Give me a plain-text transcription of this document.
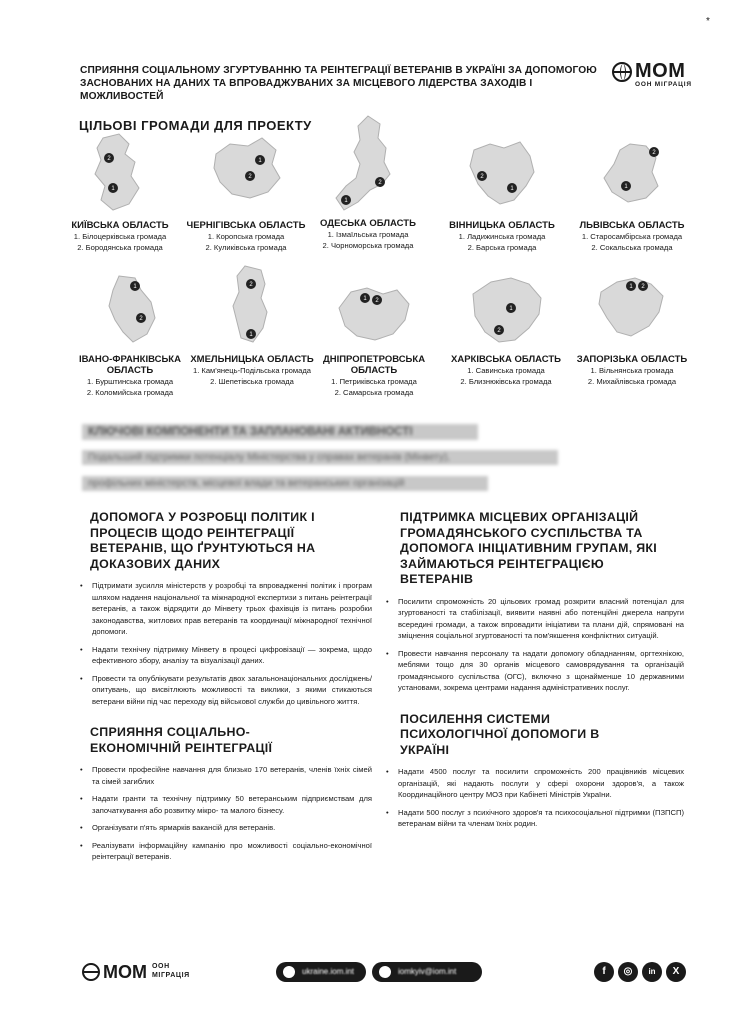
*
СПРИЯННЯ СОЦІАЛЬНОМУ ЗГУРТУВАННЮ ТА РЕІНТЕГРАЦІЇ ВЕТЕРАНІВ В УКРАЇНІ ЗА ДОПОМОГОЮ ЗАСНОВАНИХ НА ДАНИХ ТА ВПРОВАДЖУВАНИХ ЗА МІСЦЕВОГО ЛІДЕРСТВА ЗАХОДІВ І МОЖЛИВОСТЕЙ
МОМ
ООН МІГРАЦІЯ
ЦІЛЬОВІ ГРОМАДИ ДЛЯ ПРОЕКТУ
2
1
КИЇВСЬКА ОБЛАСТЬ
1. Білоцерківська громада
2. Бородянська громада
1
2
ЧЕРНІГІВСЬКА ОБЛАСТЬ
1. Коропська громада
2. Куликівська громада
1
2
ОДЕСЬКА ОБЛАСТЬ
1. Ізмаїльська громада
2. Чорноморська громада
2
1
ВІННИЦЬКА ОБЛАСТЬ
1. Ладижинська громада
2. Барська громада
2
1
ЛЬВІВСЬКА ОБЛАСТЬ
1. Старосамбірська громада
2. Сокальська громада
1
2
ІВАНО-ФРАНКІВСЬКА ОБЛАСТЬ
1. Бурштинська громада
2. Коломийська громада
2
1
ХМЕЛЬНИЦЬКА ОБЛАСТЬ
1. Кам'янець-Подільська громада
2. Шепетівська громада
1 2
ДНІПРОПЕТРОВСЬКА ОБЛАСТЬ
1. Петриківська громада
2. Самарська громада
1
2
ХАРКІВСЬКА ОБЛАСТЬ
1. Савинська громада
2. Близнюківська громада
1 2
ЗАПОРІЗЬКА ОБЛАСТЬ
1. Вільнянська громада
2. Михайлівська громада
КЛЮЧОВІ КОМПОНЕНТИ ТА ЗАПЛАНОВАНІ АКТИВНОСТІ
Подальший підтримки потенціалу Міністерства у справах ветеранів (Мінвету),
профільних міністерств, місцевої влади та ветеранських організацій
ДОПОМОГА У РОЗРОБЦІ ПОЛІТИК І ПРОЦЕСІВ ЩОДО РЕІНТЕГРАЦІЇ ВЕТЕРАНІВ, ЩО ҐРУНТУЮТЬСЯ НА ДОКАЗОВИХ ДАНИХ
• Підтримати зусилля міністерств у розробці та впровадженні політик і програм шляхом надання національної та міжнародної експертизи з питань реінтеграції ветеранів, а також відрядити до Мінвету трьох фахівців із питань розробки законодавства, житлових прав ветеранів та координації міжнародної технічної допомоги.
• Надати технічну підтримку Мінвету в процесі цифровізації — зокрема, щодо ефективного збору, аналізу та візуалізації даних.
• Провести та опублікувати результатів двох загальнонаціональних досліджень/опитувань, що висвітлюють можливості та виклики, з якими стикаються ветерани війни під час переходу від військової служби до цивільного життя.
СПРИЯННЯ СОЦІАЛЬНО-ЕКОНОМІЧНІЙ РЕІНТЕГРАЦІЇ
• Провести професійне навчання для близько 170 ветеранів, членів їхніх сімей та сімей загиблих
• Надати гранти та технічну підтримку 50 ветеранським підприємствам для започаткування або розвитку мікро- та малого бізнесу.
• Організувати п'ять ярмарків вакансій для ветеранів.
• Реалізувати інформаційну кампанію про можливості соціально-економічної реінтеграції ветеранів.
ПІДТРИМКА МІСЦЕВИХ ОРГАНІЗАЦІЙ ГРОМАДЯНСЬКОГО СУСПІЛЬСТВА ТА ДОПОМОГА ІНІЦІАТИВНИМ ГРУПАМ, ЯКІ ЗАЙМАЮТЬСЯ РЕІНТЕГРАЦІЄЮ ВЕТЕРАНІВ
• Посилити спроможність 20 цільових громад розкрити власний потенціал для згуртованості та стабілізації, виявити наявні або потенційні джерела напруги всередині громади, а також впровадити ініціативи та плани дій, спрямовані на зміцнення соціальної згуртованості та пом'якшення конфліктних ситуацій.
• Провести навчання персоналу та надати допомогу обладнанням, оргтехнікою, меблями тощо для 30 органів місцевого самоврядування та організацій громадянського суспільства (ОГС), включно з щонайменше 10 державними установами, зокрема центрами надання адміністративних послуг.
ПОСИЛЕННЯ СИСТЕМИ ПСИХОЛОГІЧНОЇ ДОПОМОГИ В УКРАЇНІ
• Надати 4500 послуг та посилити спроможність 200 працівників місцевих організацій, які надають послуги у сфері охорони здоров'я, а також Координаційного центру МОЗ при Кабінеті Міністрів України.
• Надати 500 послуг з психічного здоров'я та психосоціальної підтримки (ПЗПСП) ветеранам війни та членам їхніх родин.
МОМ ООН
МІГРАЦІЯ	ukraine.iom.int	iomkyiv@iom.int	f	◎	in	X
